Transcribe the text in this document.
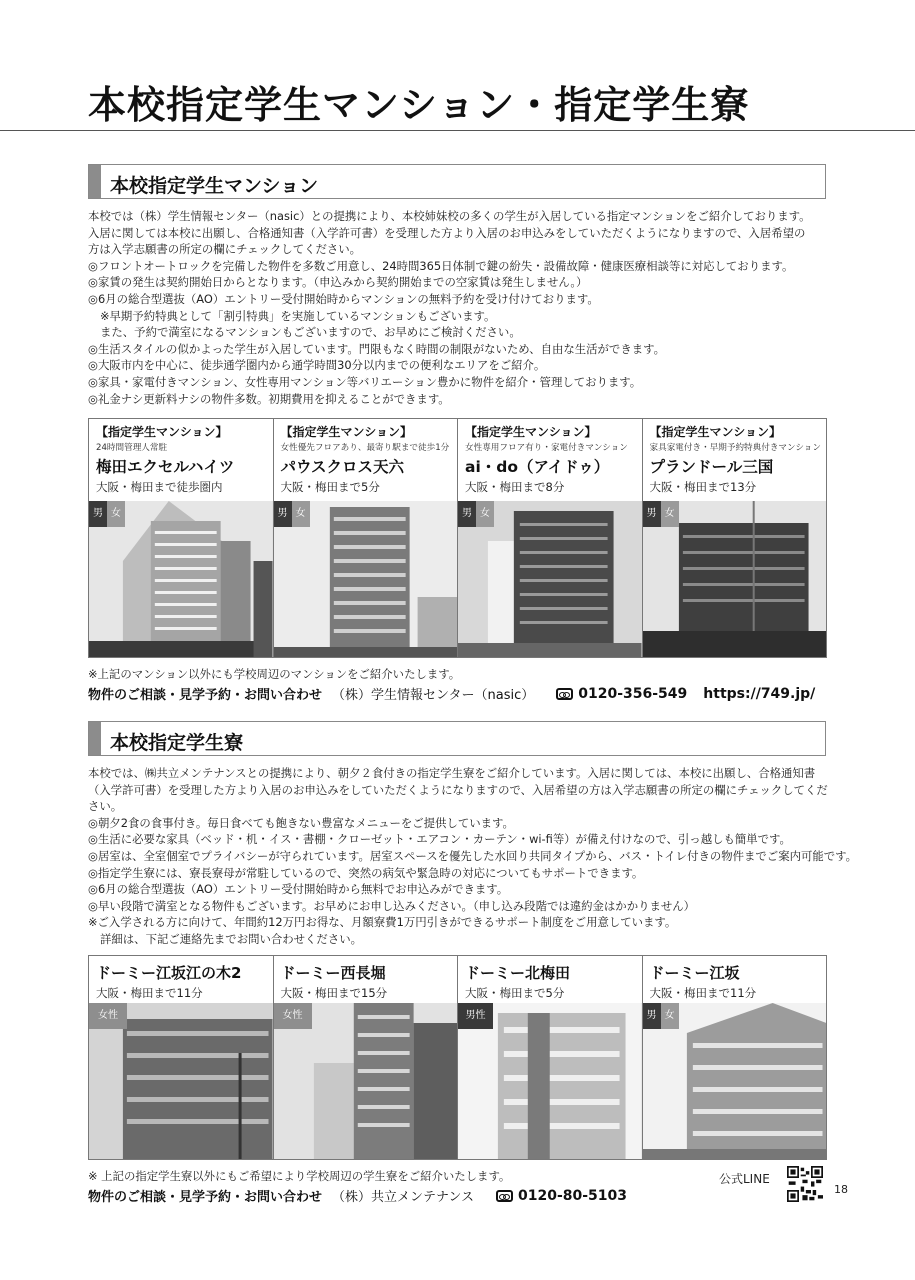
本校指定学生マンション・指定学生寮
本校指定学生マンション

本校では（株）学生情報センター（nasic）との提携により、本校姉妹校の多くの学生が入居している指定マンションをご紹介しております。

入居に関しては本校に出願し、合格通知書（入学許可書）を受理した方より入居のお申込みをしていただくようになりますので、入居希望の

方は入学志願書の所定の欄にチェックしてください。

◎フロントオートロックを完備した物件を多数ご用意し、24時間365日体制で鍵の紛失・設備故障・健康医療相談等に対応しております。

◎家賃の発生は契約開始日からとなります。（申込みから契約開始までの空家賃は発生しません。）

◎6月の総合型選抜（AO）エントリー受付開始時からマンションの無料予約を受け付けております。

※早期予約特典として「割引特典」を実施しているマンションもございます。

また、予約で満室になるマンションもございますので、お早めにご検討ください。

◎生活スタイルの似かよった学生が入居しています。門限もなく時間の制限がないため、自由な生活ができます。

◎大阪市内を中心に、徒歩通学圏内から通学時間30分以内までの便利なエリアをご紹介。

◎家具・家電付きマンション、女性専用マンション等バリエーション豊かに物件を紹介・管理しております。

◎礼金ナシ更新料ナシの物件多数。初期費用を抑えることができます。

【指定学生マンション】
24時間管理人常駐
梅田エクセルハイツ
大阪・梅田まで徒歩圏内
男 女
【指定学生マンション】
女性優先フロアあり、最寄り駅まで徒歩1分
パウスクロス天六
大阪・梅田まで5分
男 女
【指定学生マンション】
女性専用フロア有り・家電付きマンション
ai・do（アイドゥ）
大阪・梅田まで8分
男 女
【指定学生マンション】
家具家電付き・早期予約特典付きマンション
プランドール三国
大阪・梅田まで13分
男 女
※上記のマンション以外にも学校周辺のマンションをご紹介いたします。
物件のご相談・見学予約・お問い合わせ （株）学生情報センター（nasic）	0120-356-549 https://749.jp/
本校指定学生寮

本校では、㈱共立メンテナンスとの提携により、朝夕２食付きの指定学生寮をご紹介しています。入居に関しては、本校に出願し、合格通知書（入学許可書）を受理した方より入居のお申込みをしていただくようになりますので、入居希望の方は入学志願書の所定の欄にチェックしてください。

◎朝夕2食の食事付き。毎日食べても飽きない豊富なメニューをご提供しています。

◎生活に必要な家具（ベッド・机・イス・書棚・クローゼット・エアコン・カーテン・wi-fi等）が備え付けなので、引っ越しも簡単です。

◎居室は、全室個室でプライバシーが守られています。居室スペースを優先した水回り共同タイプから、バス・トイレ付きの物件までご案内可能です。

◎指定学生寮には、寮長寮母が常駐しているので、突然の病気や緊急時の対応についてもサポートできます。

◎6月の総合型選抜（AO）エントリー受付開始時から無料でお申込みができます。

◎早い段階で満室となる物件もございます。お早めにお申し込みください。（申し込み段階では違約金はかかりません）

※ご入学される方に向けて、年間約12万円お得な、月額寮費1万円引きができるサポート制度をご用意しています。

詳細は、下記ご連絡先までお問い合わせください。

ドーミー江坂江の木2
大阪・梅田まで11分
女性
ドーミー西長堀
大阪・梅田まで15分
女性
ドーミー北梅田
大阪・梅田まで5分
男性
ドーミー江坂
大阪・梅田まで11分
男 女
※ 上記の指定学生寮以外にもご希望により学校周辺の学生寮をご紹介いたします。
物件のご相談・見学予約・お問い合わせ （株）共立メンテナンス	0120-80-5103
公式LINE
18
